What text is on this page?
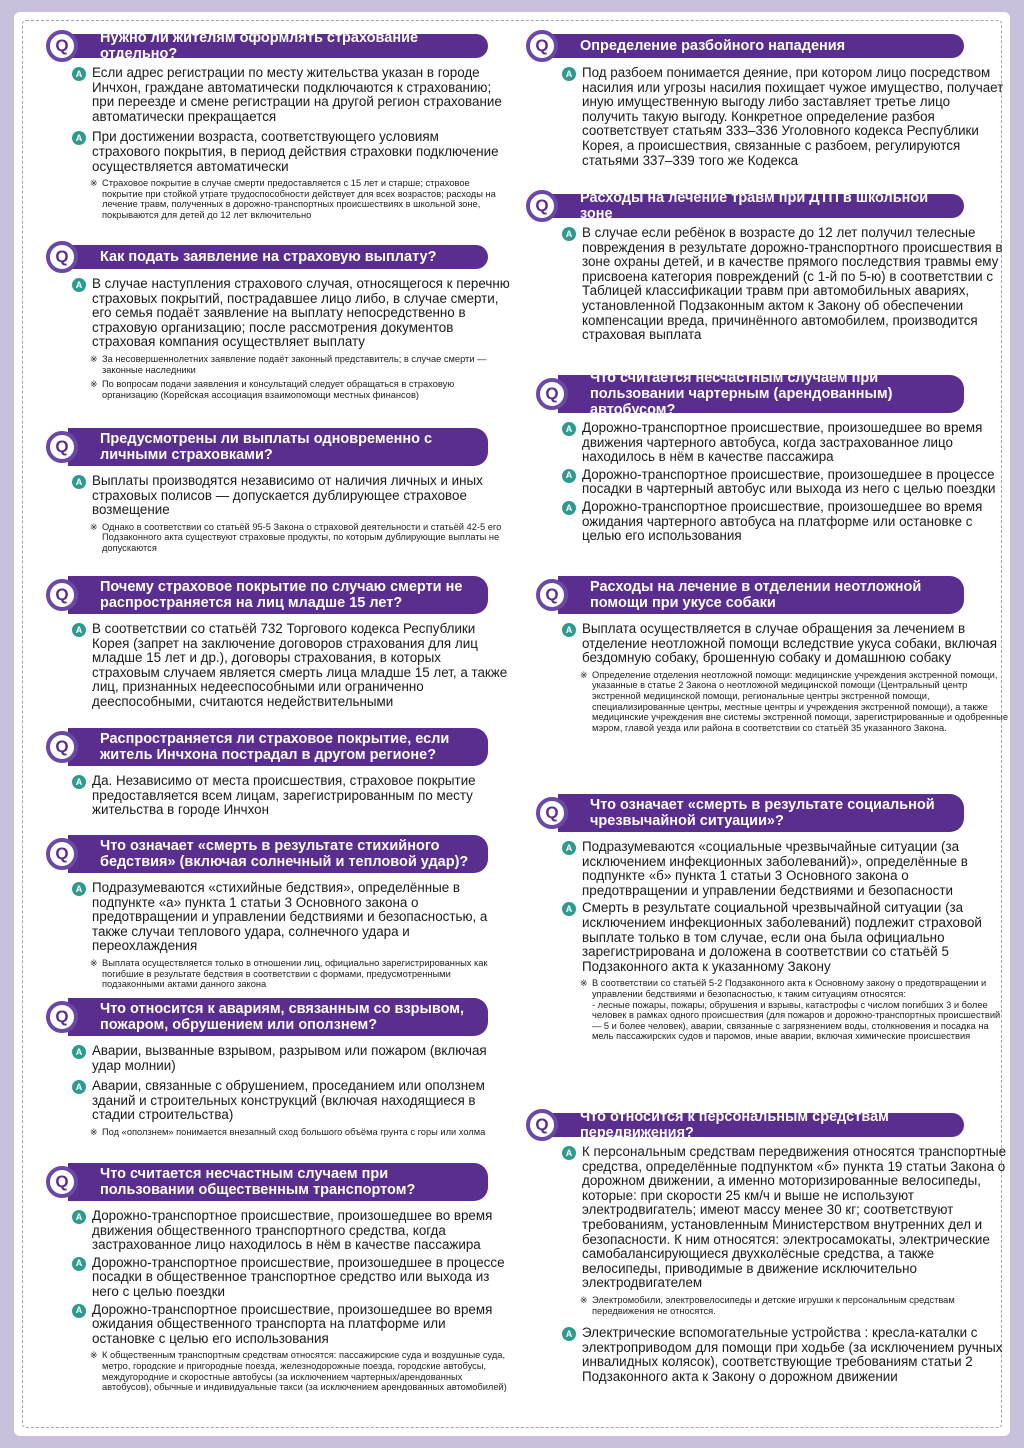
Q	Нужно ли жителям оформлять страхование отдельно?
A Если адрес регистрации по месту жительства указан в городе Инчхон, граждане автоматически подключаются к страхованию; при переезде и смене регистрации на другой регион страхование автоматически прекращается
A При достижении возраста, соответствующего условиям страхового покрытия, в период действия страховки подключение осуществляется автоматически
※ Страховое покрытие в случае смерти предоставляется с 15 лет и старше; страховое покрытие при стойкой утрате трудоспособности действует для всех возрастов; расходы на лечение травм, полученных в дорожно-транспортных происшествиях в школьной зоне, покрываются для детей до 12 лет включительно
Q	Как подать заявление на страховую выплату?
A В случае наступления страхового случая, относящегося к перечню страховых покрытий, пострадавшее лицо либо, в случае смерти, его семья подаёт заявление на выплату непосредственно в страховую организацию; после рассмотрения документов страховая компания осуществляет выплату
※ За несовершеннолетних заявление подаёт законный представитель; в случае смерти — законные наследники
※ По вопросам подачи заявления и консультаций следует обращаться в страховую организацию (Корейская ассоциация взаимопомощи местных финансов)
Q	Предусмотрены ли выплаты одновременно с личными страховками?
A Выплаты производятся независимо от наличия личных и иных страховых полисов — допускается дублирующее страховое возмещение
※ Однако в соответствии со статьёй 95-5 Закона о страховой деятельности и статьёй 42-5 его Подзаконного акта существуют страховые продукты, по которым дублирующие выплаты не допускаются
Q	Почему страховое покрытие по случаю смерти не распространяется на лиц младше 15 лет?
A В соответствии со статьёй 732 Торгового кодекса Республики Корея (запрет на заключение договоров страхования для лиц младше 15 лет и др.), договоры страхования, в которых страховым случаем является смерть лица младше 15 лет, а также лиц, признанных недееспособными или ограниченно дееспособными, считаются недействительными
Q	Распространяется ли страховое покрытие, если житель Инчхона пострадал в другом регионе?
A Да. Независимо от места происшествия, страховое покрытие предоставляется всем лицам, зарегистрированным по месту жительства в городе Инчхон
Q	Что означает «смерть в результате стихийного бедствия» (включая солнечный и тепловой удар)?
A Подразумеваются «стихийные бедствия», определённые в подпункте «а» пункта 1 статьи 3 Основного закона о предотвращении и управлении бедствиями и безопасностью, а также случаи теплового удара, солнечного удара и переохлаждения
※ Выплата осуществляется только в отношении лиц, официально зарегистрированных как погибшие в результате бедствия в соответствии с формами, предусмотренными подзаконными актами данного закона
Q	Что относится к авариям, связанным со взрывом, пожаром, обрушением или оползнем?
A Аварии, вызванные взрывом, разрывом или пожаром (включая удар молнии)
A Аварии, связанные с обрушением, проседанием или оползнем зданий и строительных конструкций (включая находящиеся в стадии строительства)
※ Под «оползнем» понимается внезапный сход большого объёма грунта с горы или холма
Q	Что считается несчастным случаем при пользовании общественным транспортом?
A Дорожно-транспортное происшествие, произошедшее во время движения общественного транспортного средства, когда застрахованное лицо находилось в нём в качестве пассажира
A Дорожно-транспортное происшествие, произошедшее в процессе посадки в общественное транспортное средство или выхода из него с целью поездки
A Дорожно-транспортное происшествие, произошедшее во время ожидания общественного транспорта на платформе или остановке с целью его использования
※ К общественным транспортным средствам относятся: пассажирские суда и воздушные суда, метро, городские и пригородные поезда, железнодорожные поезда, городские автобусы, междугородние и скоростные автобусы (за исключением чартерных/арендованных автобусов), обычные и индивидуальные такси (за исключением арендованных автомобилей)
Q	Определение разбойного нападения
A Под разбоем понимается деяние, при котором лицо посредством насилия или угрозы насилия похищает чужое имущество, получает иную имущественную выгоду либо заставляет третье лицо получить такую выгоду. Конкретное определение разбоя соответствует статьям 333–336 Уголовного кодекса Республики Корея, а происшествия, связанные с разбоем, регулируются статьями 337–339 того же Кодекса
Q	Расходы на лечение травм при ДТП в школьной зоне
A В случае если ребёнок в возрасте до 12 лет получил телесные повреждения в результате дорожно-транспортного происшествия в зоне охраны детей, и в качестве прямого последствия травмы ему присвоена категория повреждений (с 1-й по 5-ю) в соответствии с Таблицей классификации травм при автомобильных авариях, установленной Подзаконным актом к Закону об обеспечении компенсации вреда, причинённого автомобилем, производится страховая выплата
Q
Что считается несчастным случаем при пользовании чартерным (арендованным) автобусом?
A Дорожно-транспортное происшествие, произошедшее во время движения чартерного автобуса, когда застрахованное лицо находилось в нём в качестве пассажира
A Дорожно-транспортное происшествие, произошедшее в процессе посадки в чартерный автобус или выхода из него с целью поездки
A Дорожно-транспортное происшествие, произошедшее во время ожидания чартерного автобуса на платформе или остановке с целью его использования
Q	Расходы на лечение в отделении неотложной помощи при укусе собаки
A Выплата осуществляется в случае обращения за лечением в отделение неотложной помощи вследствие укуса собаки, включая бездомную собаку, брошенную собаку и домашнюю собаку
※ Определение отделения неотложной помощи: медицинские учреждения экстренной помощи, указанные в статье 2 Закона о неотложной медицинской помощи (Центральный центр экстренной медицинской помощи, региональные центры экстренной помощи, специализированные центры, местные центры и учреждения экстренной помощи), а также медицинские учреждения вне системы экстренной помощи, зарегистрированные и одобренные мэром, главой уезда или района в соответствии со статьёй 35 указанного Закона.
Q	Что означает «смерть в результате социальной чрезвычайной ситуации»?
A Подразумеваются «социальные чрезвычайные ситуации (за исключением инфекционных заболеваний)», определённые в подпункте «б» пункта 1 статьи 3 Основного закона о предотвращении и управлении бедствиями и безопасности
A Смерть в результате социальной чрезвычайной ситуации (за исключением инфекционных заболеваний) подлежит страховой выплате только в том случае, если она была официально зарегистрирована и доложена в соответствии со статьёй 5 Подзаконного акта к указанному Закону
※ В соответствии со статьёй 5-2 Подзаконного акта к Основному закону о предотвращении и управлении бедствиями и безопасностью, к таким ситуациям относятся:
- лесные пожары, пожары, обрушения и взрывы, катастрофы с числом погибших 3 и более человек в рамках одного происшествия (для пожаров и дорожно-транспортных происшествий — 5 и более человек), аварии, связанные с загрязнением воды, столкновения и посадка на мель пассажирских судов и паромов, иные аварии, включая химические происшествия
Q	Что относится к персональным средствам передвижения?
A К персональным средствам передвижения относятся транспортные средства, определённые подпунктом «б» пункта 19 статьи Закона о дорожном движении, а именно моторизированные велосипеды, которые: при скорости 25 км/ч и выше не используют электродвигатель; имеют массу менее 30 кг; соответствуют требованиям, установленным Министерством внутренних дел и безопасности. К ним относятся: электросамокаты, электрические самобалансирующиеся двухколёсные средства, а также велосипеды, приводимые в движение исключительно электродвигателем
※ Электромобили, электровелосипеды и детские игрушки к персональным средствам передвижения не относятся.
A Электрические вспомогательные устройства : кресла-каталки с электроприводом для помощи при ходьбе (за исключением ручных инвалидных колясок), соответствующие требованиям статьи 2 Подзаконного акта к Закону о дорожном движении
